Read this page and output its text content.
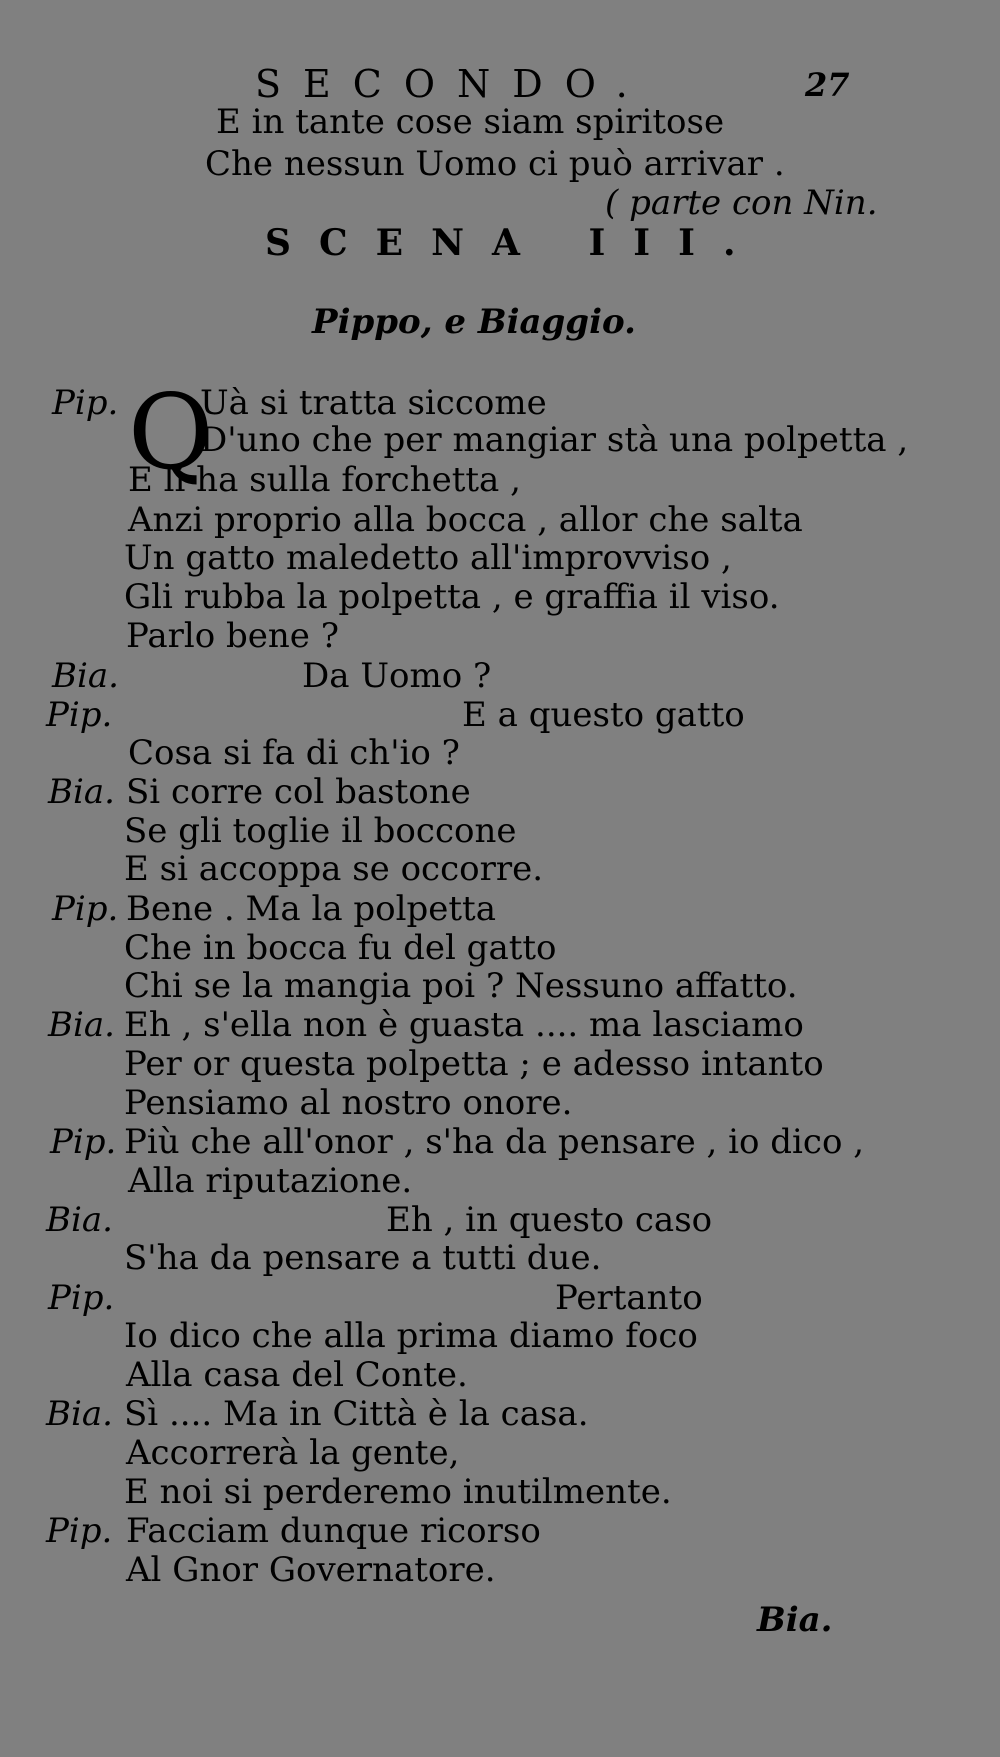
SECONDO.	27
E in tante cose siam spiritose
Che nessun Uomo ci può arrivar .
( parte con Nin.
SCENA III.
Pippo, e Biaggio.
Q
Pip. Uà si tratta siccome
D'uno che per mangiar stà una polpetta ,
E li ha sulla forchetta ,
Anzi proprio alla bocca , allor che salta
Un gatto maledetto all'improvviso ,
Gli rubba la polpetta , e graffia il viso.
Parlo bene ?
Bia.	Da Uomo ?
Pip.	E a questo gatto
Cosa si fa di ch'io ?
Bia. Si corre col bastone
Se gli toglie il boccone
E si accoppa se occorre.
Pip. Bene . Ma la polpetta
Che in bocca fu del gatto
Chi se la mangia poi ? Nessuno affatto.
Bia. Eh , s'ella non è guasta .... ma lasciamo
Per or questa polpetta ; e adesso intanto
Pensiamo al nostro onore.
Pip. Più che all'onor , s'ha da pensare , io dico ,
Alla riputazione.
Bia.	Eh , in questo caso
S'ha da pensare a tutti due.
Pip.	Pertanto
Io dico che alla prima diamo foco
Alla casa del Conte.
Bia. Sì .... Ma in Città è la casa.
Accorrerà la gente,
E noi si perderemo inutilmente.
Pip. Facciam dunque ricorso
Al Gnor Governatore.
Bia.
